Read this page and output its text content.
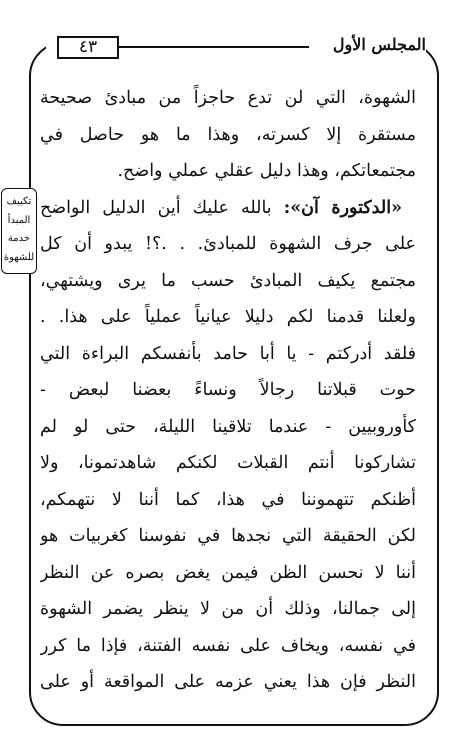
٤٣	المجلس الأول
تكييف
المبدأ
خدمة
للشهوة
الشهوة، التي لن تدع حاجزاً من مبادئ صحيحة
مستقرة إلا كسرته، وهذا ما هو حاصل في
مجتمعاتكم، وهذا دليل عقلي عملي واضح.
«الدكتورة آن»: بالله عليك أين الدليل الواضح
على جرف الشهوة للمبادئ. . .؟! يبدو أن كل
مجتمع يكيف المبادئ حسب ما يرى ويشتهي،
ولعلنا قدمنا لكم دليلا عيانياً عملياً على هذا. .
فلقد أدركتم - يا أبا حامد بأنفسكم البراءة التي
حوت قبلاتنا رجالاً ونساءً بعضنا لبعض -
كأوروبيين - عندما تلاقينا الليلة، حتى لو لم
تشاركونا أنتم القبلات لكنكم شاهدتمونا، ولا
أظنكم تتهموننا في هذا، كما أننا لا نتهمكم،
لكن الحقيقة التي نجدها في نفوسنا كغربيات هو
أننا لا نحسن الظن فيمن يغض بصره عن النظر
إلى جمالنا، وذلك أن من لا ينظر يضمر الشهوة
في نفسه، ويخاف على نفسه الفتنة، فإذا ما كرر
النظر فإن هذا يعني عزمه على المواقعة أو على
